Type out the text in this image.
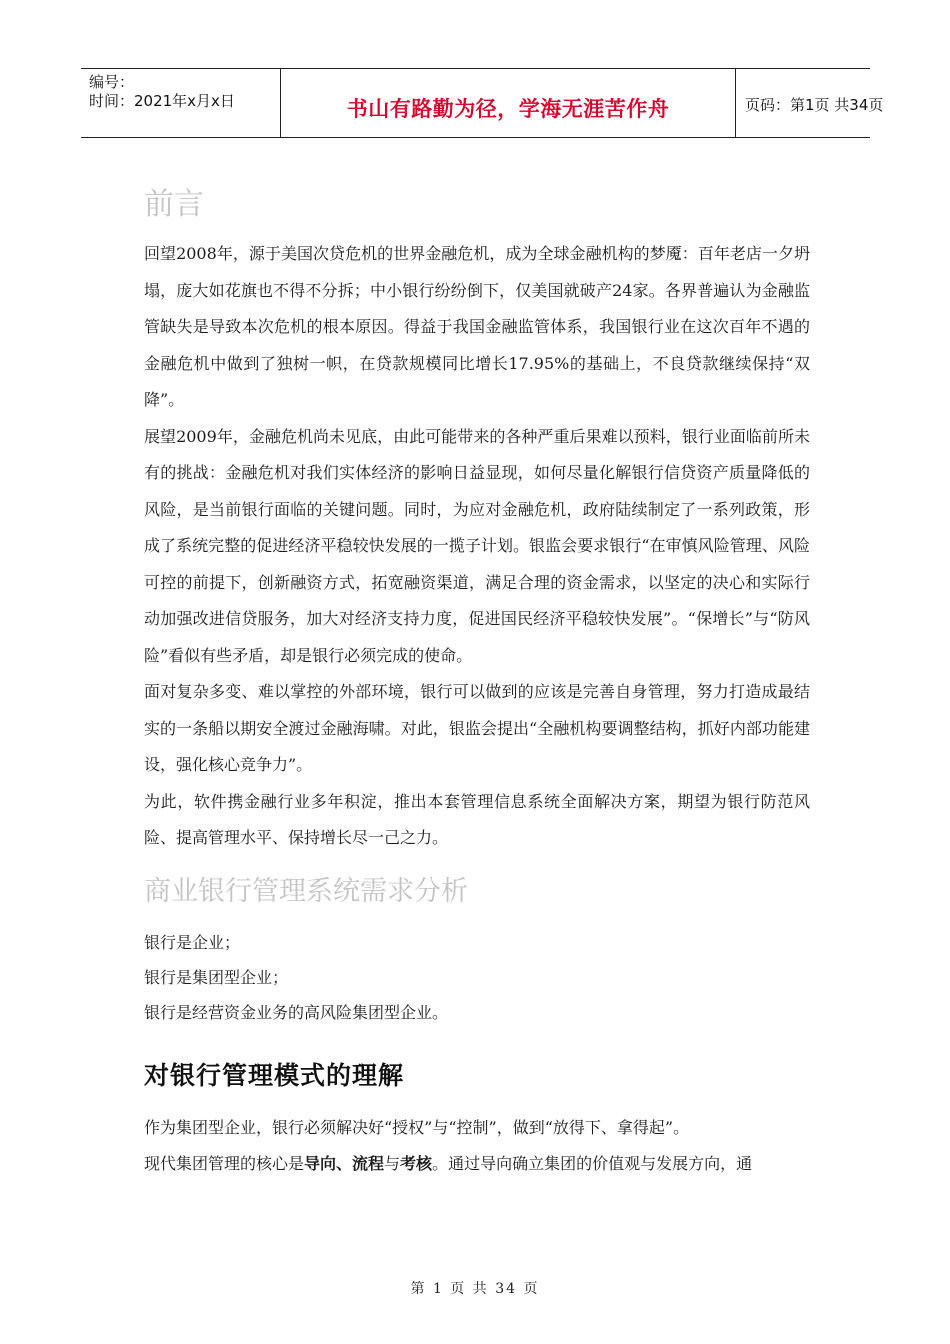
编号：
时间：2021年x月x日	书山有路勤为径，学海无涯苦作舟	页码：第1页 共34页
前言

回望2008年，源于美国次贷危机的世界金融危机，成为全球金融机构的梦魇：百年老店一夕坍塌，庞大如花旗也不得不分拆；中小银行纷纷倒下，仅美国就破产24家。各界普遍认为金融监管缺失是导致本次危机的根本原因。得益于我国金融监管体系，我国银行业在这次百年不遇的金融危机中做到了独树一帜，在贷款规模同比增长17.95%的基础上，不良贷款继续保持“双降”。

展望2009年，金融危机尚未见底，由此可能带来的各种严重后果难以预料，银行业面临前所未有的挑战：金融危机对我们实体经济的影响日益显现，如何尽量化解银行信贷资产质量降低的风险，是当前银行面临的关键问题。同时，为应对金融危机，政府陆续制定了一系列政策，形成了系统完整的促进经济平稳较快发展的一揽子计划。银监会要求银行“在审慎风险管理、风险可控的前提下，创新融资方式，拓宽融资渠道，满足合理的资金需求，以坚定的决心和实际行动加强改进信贷服务，加大对经济支持力度，促进国民经济平稳较快发展”。“保增长”与“防风险”看似有些矛盾，却是银行必须完成的使命。

面对复杂多变、难以掌控的外部环境，银行可以做到的应该是完善自身管理，努力打造成最结实的一条船以期安全渡过金融海啸。对此，银监会提出“全融机构要调整结构，抓好内部功能建设，强化核心竞争力”。

为此，软件携金融行业多年积淀，推出本套管理信息系统全面解决方案，期望为银行防范风险、提高管理水平、保持增长尽一己之力。

商业银行管理系统需求分析

银行是企业；

银行是集团型企业；

银行是经营资金业务的高风险集团型企业。

对银行管理模式的理解

作为集团型企业，银行必须解决好“授权”与“控制”，做到“放得下、拿得起”。

现代集团管理的核心是导向、流程与考核。通过导向确立集团的价值观与发展方向，通

第 1 页 共 34 页
